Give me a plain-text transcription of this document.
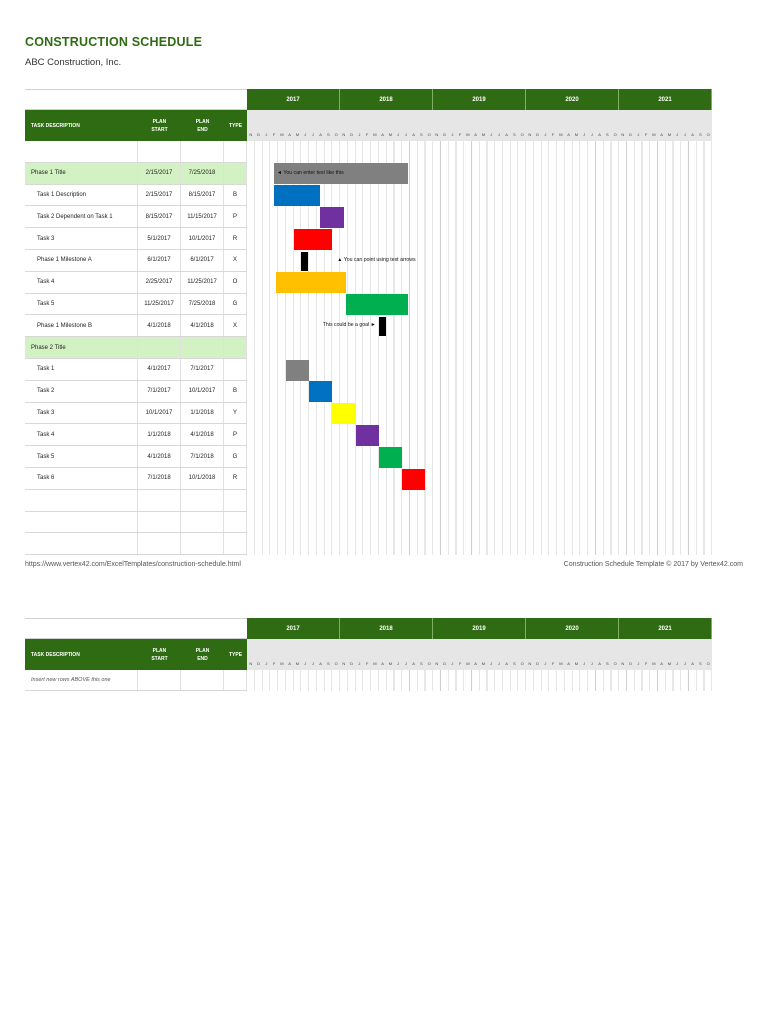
CONSTRUCTION SCHEDULE
ABC Construction, Inc.
TASK DESCRIPTION
PLAN
START
PLAN
END
TYPE
Phase 1 Title	2/15/2017	7/25/2018
Task 1 Description	2/15/2017	8/15/2017	B
Task 2 Dependent on Task 1	8/15/2017	11/15/2017	P
Task 3	5/1/2017	10/1/2017	R
Phase 1 Milestone A	6/1/2017	6/1/2017	X
Task 4	2/25/2017	11/25/2017	O
Task 5	11/25/2017	7/25/2018	G
Phase 1 Milestone B	4/1/2018	4/1/2018	X
Phase 2 Title
Task 1	4/1/2017	7/1/2017
Task 2	7/1/2017	10/1/2017	B
Task 3	10/1/2017	1/1/2018	Y
Task 4	1/1/2018	4/1/2018	P
Task 5	4/1/2018	7/1/2018	G
Task 6	7/1/2018	10/1/2018	R
2017	2018	2019	2020	2021
N	D	J	F	M	A	M	J	J	A	S	O	N	D	J	F	M	A	M	J	J	A	S	O	N	D	J	F	M	A	M	J	J	A	S	O	N	D	J	F	M	A	M	J	J	A	S	O	N	D	J	F	M	A	M	J	J	A	S	O
◄ You can enter text like this
▲ You can point using text arrows
This could be a goal ►
https://www.vertex42.com/ExcelTemplates/construction-schedule.html	Construction Schedule Template © 2017 by Vertex42.com
TASK DESCRIPTION
PLAN
START
PLAN
END
TYPE
Insert new rows ABOVE this one
2017	2018	2019	2020	2021
N	D	J	F	M	A	M	J	J	A	S	O	N	D	J	F	M	A	M	J	J	A	S	O	N	D	J	F	M	A	M	J	J	A	S	O	N	D	J	F	M	A	M	J	J	A	S	O	N	D	J	F	M	A	M	J	J	A	S	O
